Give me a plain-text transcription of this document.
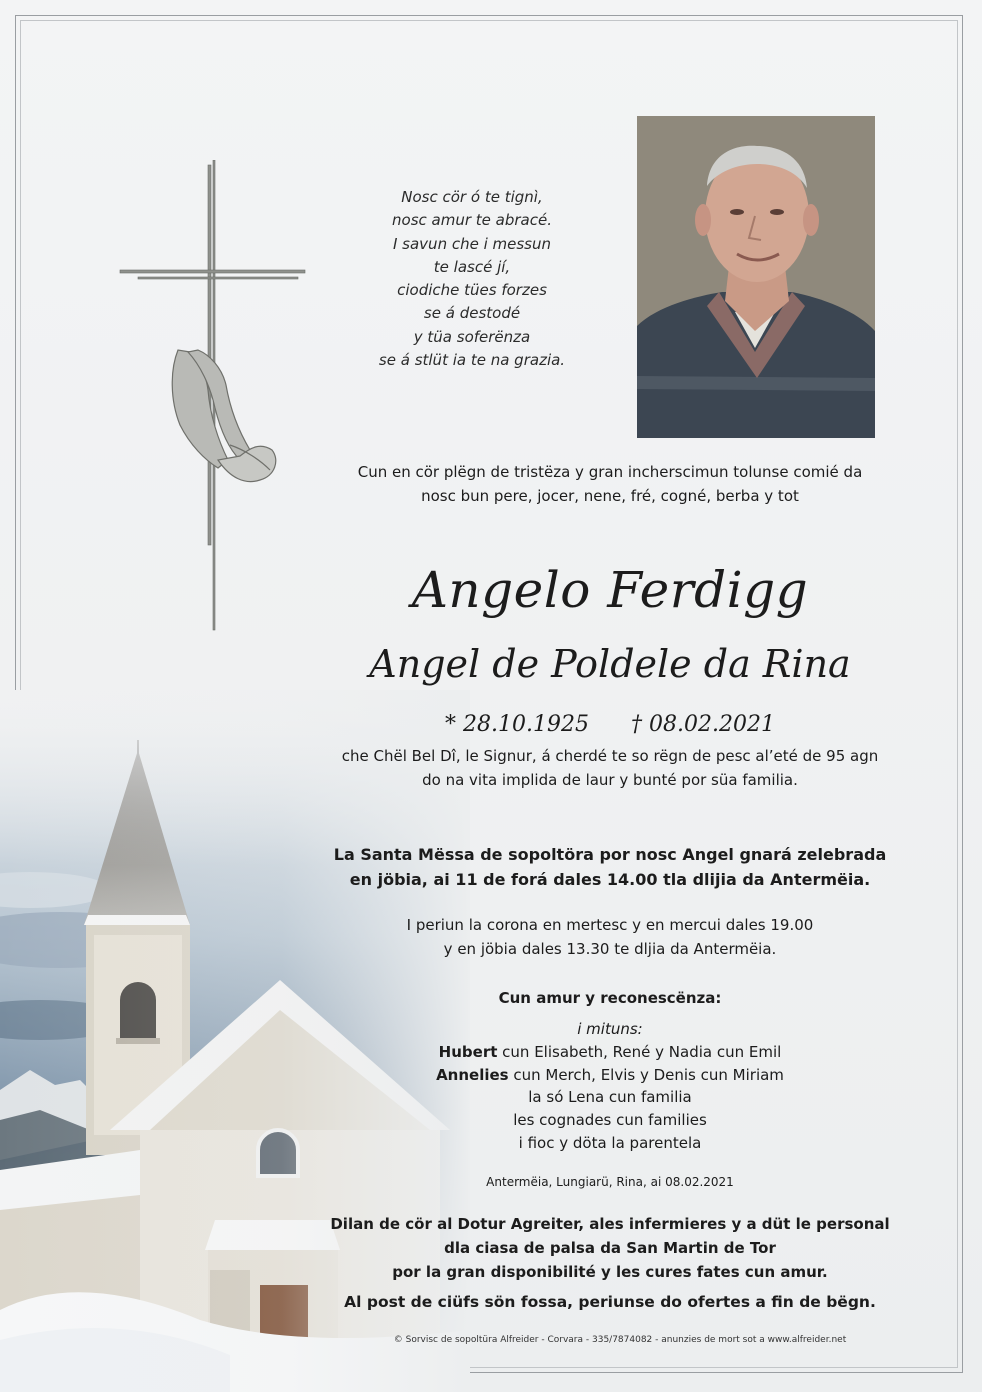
Nosc cör ó te tignì,
nosc amur te abracé.
I savun che i messun
te lascé jí,
ciodiche tües forzes
se á destodé
y tüa soferënza
se á stlüt ia te na grazia.
Cun en cör plëgn de tristëza y gran incherscimun tolunse comié da
nosc bun pere, jocer, nene, fré, cogné, berba y tot
Angelo Ferdigg
Angel de Poldele da Rina
* 28.10.1925 † 08.02.2021
che Chël Bel Dî, le Signur, á cherdé te so rëgn de pesc al’eté de 95 agn
do na vita implida de laur y bunté por süa familia.
La Santa Mëssa de sopoltöra por nosc Angel gnará zelebrada
en jöbia, ai 11 de forá dales 14.00 tla dlijia da Antermëia.
I periun la corona en mertesc y en mercui dales 19.00
y en jöbia dales 13.30 te dljia da Antermëia.
Cun amur y reconescënza:
i mituns:
Hubert cun Elisabeth, René y Nadia cun Emil
Annelies cun Merch, Elvis y Denis cun Miriam
la só Lena cun familia
les cognades cun families
i fioc y döta la parentela
Antermëia, Lungiarü, Rina, ai 08.02.2021
Dilan de cör al Dotur Agreiter, ales infermieres y a düt le personal
dla ciasa de palsa da San Martin de Tor
por la gran disponibilité y les cures fates cun amur.
Al post de ciüfs sön fossa, periunse do ofertes a fin de bëgn.
© Sorvisc de sopoltüra Alfreider - Corvara - 335/7874082 - anunzies de mort sot a www.alfreider.net
